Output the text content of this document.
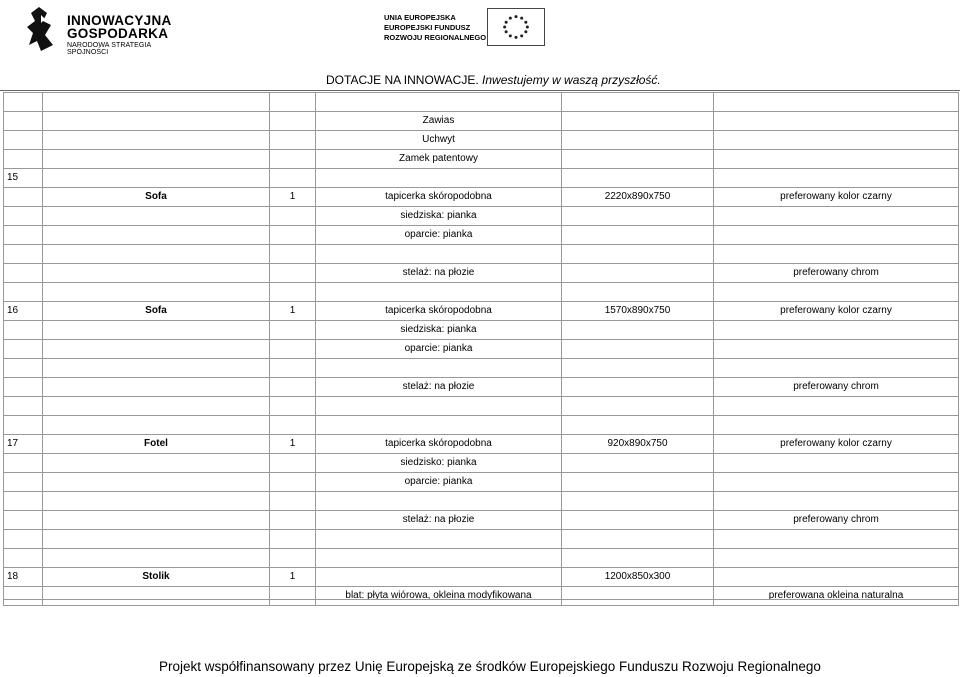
INNOWACYJNA
GOSPODARKA
NARODOWA STRATEGIA SPÓJNOŚCI
UNIA EUROPEJSKA
EUROPEJSKI FUNDUSZ
ROZWOJU REGIONALNEGO
DOTACJE NA INNOWACJE. Inwestujemy w waszą przyszłość.

			Zawias		
			Uchwyt		
			Zamek patentowy		
15					
	Sofa	1	tapicerka skóropodobna	2220x890x750	preferowany kolor czarny
			siedziska: pianka		
			oparcie: pianka		

			stelaż: na płozie		preferowany chrom

16	Sofa	1	tapicerka skóropodobna	1570x890x750	preferowany kolor czarny
			siedziska: pianka		
			oparcie: pianka		

			stelaż: na płozie		preferowany chrom

17	Fotel	1	tapicerka skóropodobna	920x890x750	preferowany kolor czarny
			siedzisko: pianka		
			oparcie: pianka		

			stelaż: na płozie		preferowany chrom

18	Stolik	1		1200x850x300	
			blat: płyta wiórowa, okleina modyfikowana		preferowana okleina naturalna
Projekt współfinansowany przez Unię Europejską ze środków Europejskiego Funduszu Rozwoju Regionalnego
